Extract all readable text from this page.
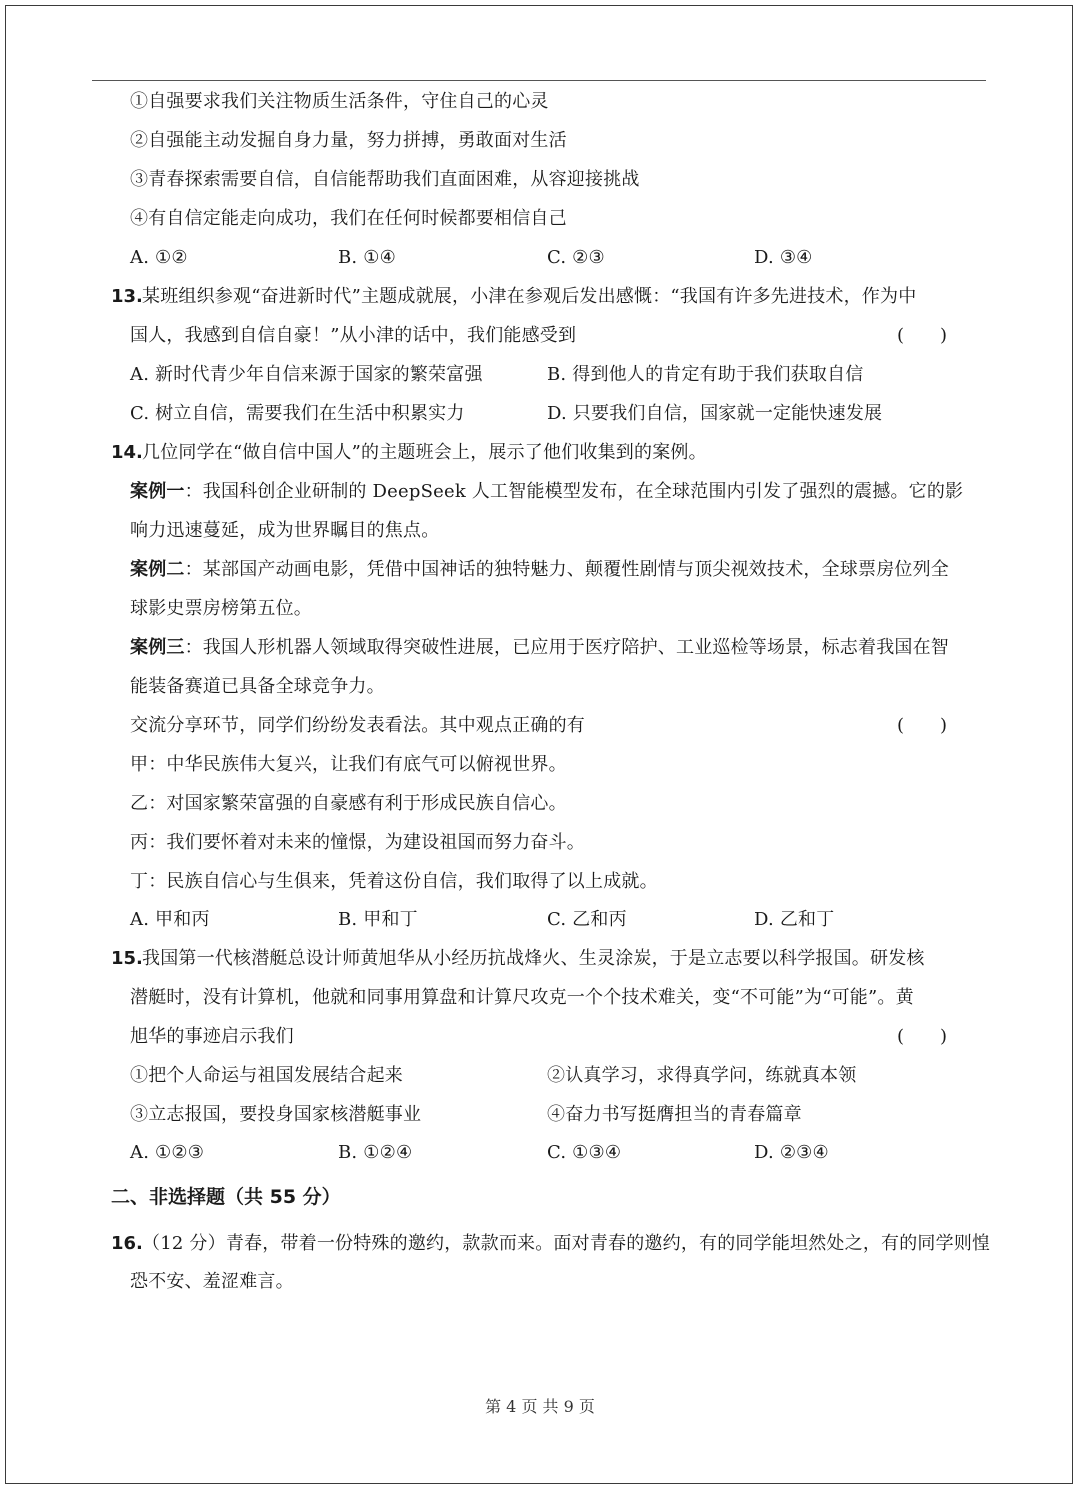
①自强要求我们关注物质生活条件，守住自己的心灵
②自强能主动发掘自身力量，努力拼搏，勇敢面对生活
③青春探索需要自信，自信能帮助我们直面困难，从容迎接挑战
④有自信定能走向成功，我们在任何时候都要相信自己
A. ①②	B. ①④	C. ②③	D. ③④
13. 某班组织参观“奋进新时代”主题成就展，小津在参观后发出感慨：“我国有许多先进技术，作为中
国人，我感到自信自豪！”从小津的话中，我们能感受到	(　　)
A. 新时代青少年自信来源于国家的繁荣富强	B. 得到他人的肯定有助于我们获取自信
C. 树立自信，需要我们在生活中积累实力	D. 只要我们自信，国家就一定能快速发展
14. 几位同学在“做自信中国人”的主题班会上，展示了他们收集到的案例。
案例一：我国科创企业研制的 DeepSeek 人工智能模型发布，在全球范围内引发了强烈的震撼。它的影
响力迅速蔓延，成为世界瞩目的焦点。
案例二：某部国产动画电影，凭借中国神话的独特魅力、颠覆性剧情与顶尖视效技术，全球票房位列全
球影史票房榜第五位。
案例三：我国人形机器人领域取得突破性进展，已应用于医疗陪护、工业巡检等场景，标志着我国在智
能装备赛道已具备全球竞争力。
交流分享环节，同学们纷纷发表看法。其中观点正确的有	(　　)
甲：中华民族伟大复兴，让我们有底气可以俯视世界。
乙：对国家繁荣富强的自豪感有利于形成民族自信心。
丙：我们要怀着对未来的憧憬，为建设祖国而努力奋斗。
丁：民族自信心与生俱来，凭着这份自信，我们取得了以上成就。
A. 甲和丙	B. 甲和丁	C. 乙和丙	D. 乙和丁
15. 我国第一代核潜艇总设计师黄旭华从小经历抗战烽火、生灵涂炭，于是立志要以科学报国。研发核
潜艇时，没有计算机，他就和同事用算盘和计算尺攻克一个个技术难关，变“不可能”为“可能”。黄
旭华的事迹启示我们	(　　)
①把个人命运与祖国发展结合起来	②认真学习，求得真学问，练就真本领
③立志报国，要投身国家核潜艇事业	④奋力书写挺膺担当的青春篇章
A. ①②③	B. ①②④	C. ①③④	D. ②③④
二、非选择题（共 55 分）
16. （12 分）青春，带着一份特殊的邀约，款款而来。面对青春的邀约，有的同学能坦然处之，有的同学则惶
恐不安、羞涩难言。
第 4 页 共 9 页
